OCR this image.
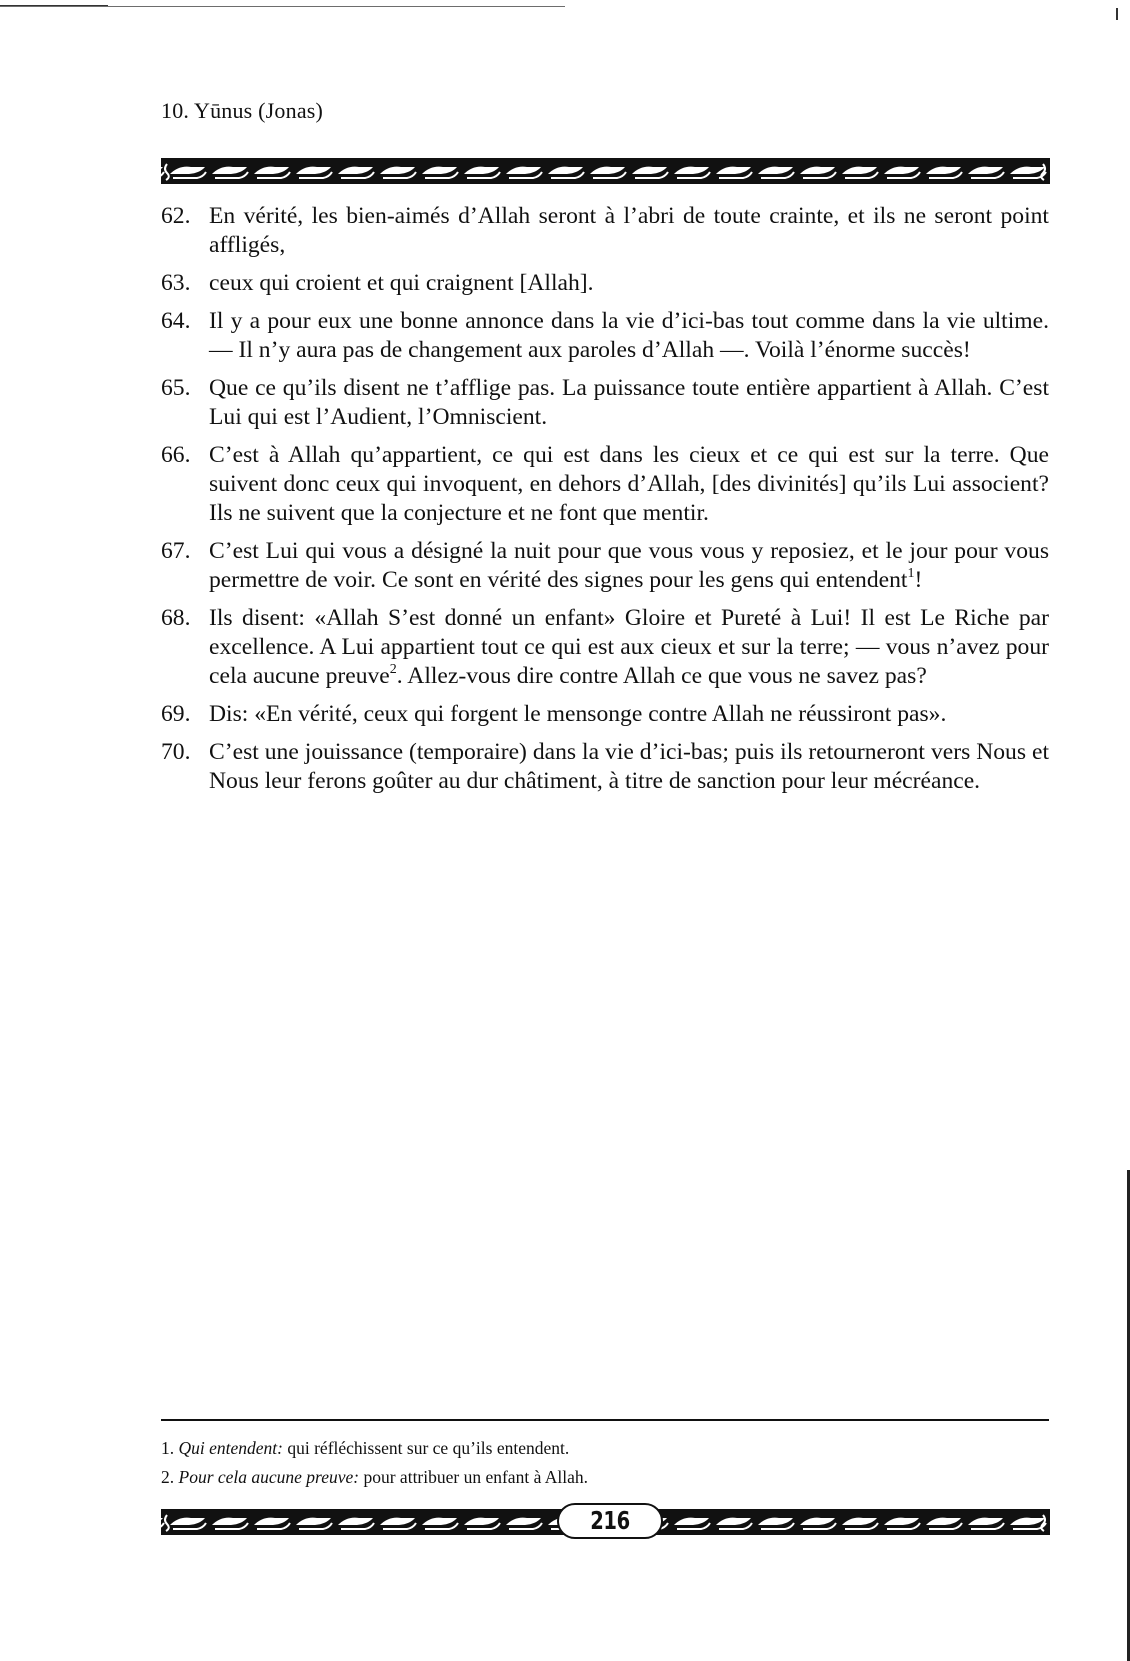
10. Yūnus (Jonas)
62. En vérité, les bien-aimés d’Allah seront à l’abri de toute crainte, et ils ne seront point affligés,
63. ceux qui croient et qui craignent [Allah].
64. Il y a pour eux une bonne annonce dans la vie d’ici-bas tout comme dans la vie ultime. — Il n’y aura pas de changement aux paroles d’Allah —. Voilà l’énorme succès!
65. Que ce qu’ils disent ne t’afflige pas. La puissance toute entière appartient à Allah. C’est Lui qui est l’Audient, l’Omniscient.
66. C’est à Allah qu’appartient, ce qui est dans les cieux et ce qui est sur la terre. Que suivent donc ceux qui invoquent, en dehors d’Allah, [des divinités] qu’ils Lui associent? Ils ne suivent que la conjecture et ne font que mentir.
67. C’est Lui qui vous a désigné la nuit pour que vous vous y reposiez, et le jour pour vous permettre de voir. Ce sont en vérité des signes pour les gens qui entendent$^1$!
68. Ils disent: «Allah S’est donné un enfant» Gloire et Pureté à Lui! Il est Le Riche par excellence. A Lui appartient tout ce qui est aux cieux et sur la terre; — vous n’avez pour cela aucune preuve$^2$. Allez-vous dire contre Allah ce que vous ne savez pas?
69. Dis: «En vérité, ceux qui forgent le mensonge contre Allah ne réussiront pas».
70. C’est une jouissance (temporaire) dans la vie d’ici-bas; puis ils retourneront vers Nous et Nous leur ferons goûter au dur châtiment, à titre de sanction pour leur mécréance.
1. Qui entendent: qui réfléchissent sur ce qu’ils entendent.
2. Pour cela aucune preuve: pour attribuer un enfant à Allah.
216
